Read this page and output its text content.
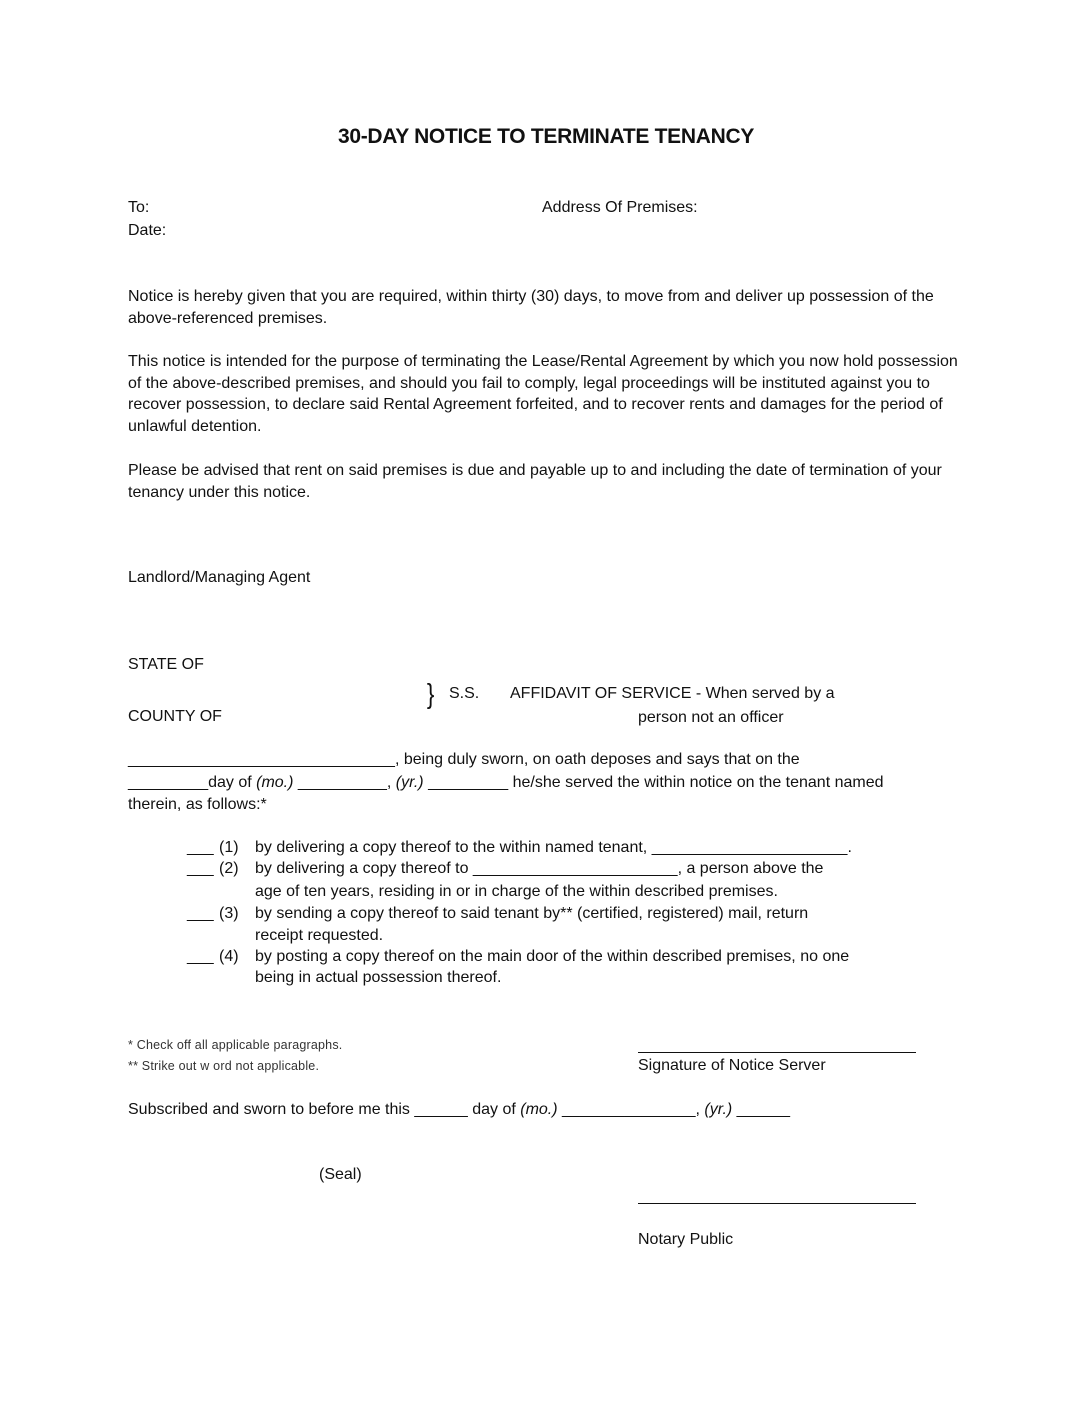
30-DAY NOTICE TO TERMINATE TENANCY
To:
Date:
Address Of Premises:
Notice is hereby given that you are required, within thirty (30) days, to move from and deliver up possession of the above-referenced premises.
This notice is intended for the purpose of terminating the Lease/Rental Agreement by which you now hold possession of the above-described premises, and should you fail to comply, legal proceedings will be instituted against you to recover possession, to declare said Rental Agreement forfeited, and to recover rents and damages for the period of unlawful detention.
Please be advised that rent on said premises is due and payable up to and including the date of termination of your tenancy under this notice.
Landlord/Managing Agent
STATE OF
} S.S. AFFIDAVIT OF SERVICE - When served by a
person not an officer
COUNTY OF
______________________________, being duly sworn, on oath deposes and says that on the
_________day of (mo.) __________, (yr.) _________ he/she served the within notice on the tenant named
therein, as follows:*
___ (1) by delivering a copy thereof to the within named tenant, ______________________.
___ (2) by delivering a copy thereof to _______________________, a person above the
age of ten years, residing in or in charge of the within described premises.
___ (3) by sending a copy thereof to said tenant by** (certified, registered) mail, return
receipt requested.
___ (4) by posting a copy thereof on the main door of the within described premises, no one
being in actual possession thereof.
* Check off all applicable paragraphs.
** Strike out w ord not applicable.	Signature of Notice Server
Subscribed and sworn to before me this ______ day of (mo.) _______________, (yr.) ______
(Seal)
Notary Public
